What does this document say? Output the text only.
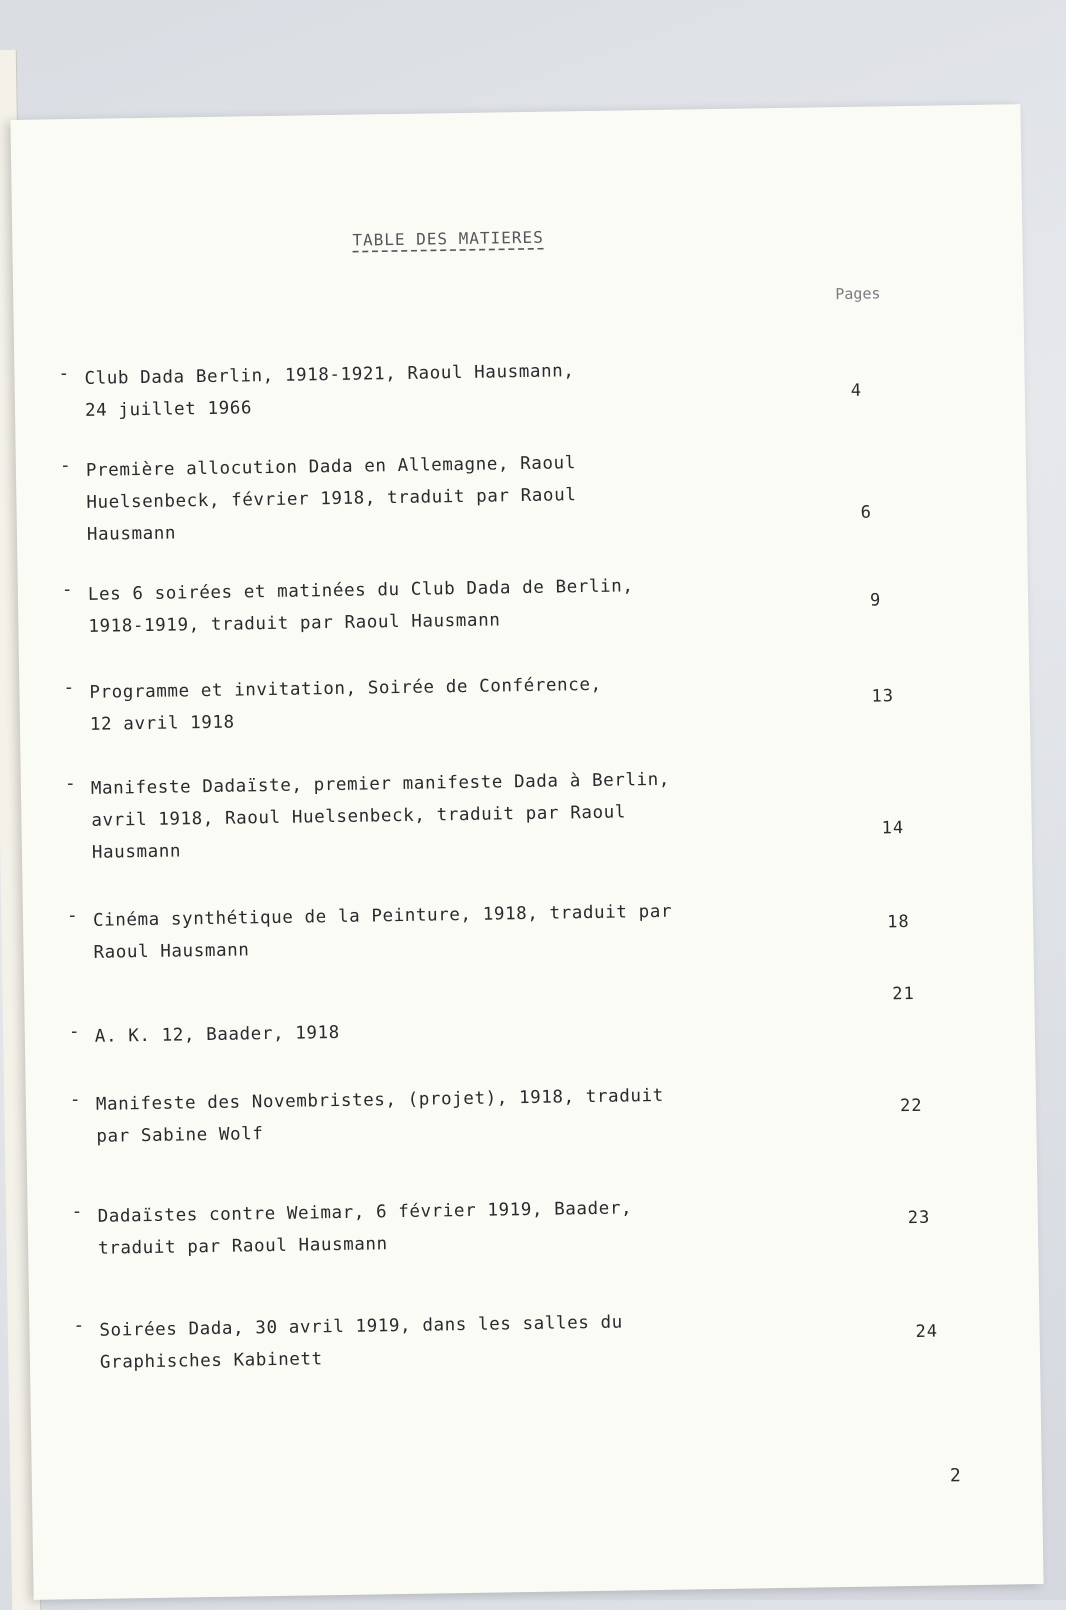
TABLE DES MATIERES
Pages
- Club Dada Berlin, 1918-1921, Raoul Hausmann,
24 juillet 1966
4
- Première allocution Dada en Allemagne, Raoul
Huelsenbeck, février 1918, traduit par Raoul
Hausmann
6
- Les 6 soirées et matinées du Club Dada de Berlin,
1918-1919, traduit par Raoul Hausmann
9
- Programme et invitation, Soirée de Conférence,
12 avril 1918
13
- Manifeste Dadaïste, premier manifeste Dada à Berlin,
avril 1918, Raoul Huelsenbeck, traduit par Raoul
Hausmann
14
- Cinéma synthétique de la Peinture, 1918, traduit par
Raoul Hausmann
18
- A. K. 12, Baader, 1918
21
- Manifeste des Novembristes, (projet), 1918, traduit
par Sabine Wolf
22
- Dadaïstes contre Weimar, 6 février 1919, Baader,
traduit par Raoul Hausmann
23
- Soirées Dada, 30 avril 1919, dans les salles du
Graphisches Kabinett
24
2
